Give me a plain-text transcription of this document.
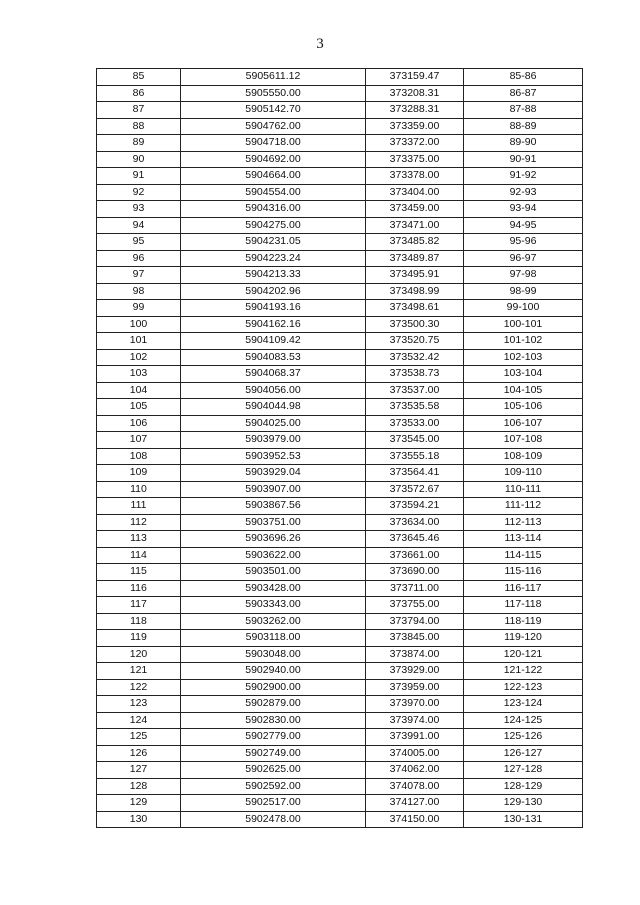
3
85	5905611.12	373159.47	85-86
86	5905550.00	373208.31	86-87
87	5905142.70	373288.31	87-88
88	5904762.00	373359.00	88-89
89	5904718.00	373372.00	89-90
90	5904692.00	373375.00	90-91
91	5904664.00	373378.00	91-92
92	5904554.00	373404.00	92-93
93	5904316.00	373459.00	93-94
94	5904275.00	373471.00	94-95
95	5904231.05	373485.82	95-96
96	5904223.24	373489.87	96-97
97	5904213.33	373495.91	97-98
98	5904202.96	373498.99	98-99
99	5904193.16	373498.61	99-100
100	5904162.16	373500.30	100-101
101	5904109.42	373520.75	101-102
102	5904083.53	373532.42	102-103
103	5904068.37	373538.73	103-104
104	5904056.00	373537.00	104-105
105	5904044.98	373535.58	105-106
106	5904025.00	373533.00	106-107
107	5903979.00	373545.00	107-108
108	5903952.53	373555.18	108-109
109	5903929.04	373564.41	109-110
110	5903907.00	373572.67	110-111
111	5903867.56	373594.21	111-112
112	5903751.00	373634.00	112-113
113	5903696.26	373645.46	113-114
114	5903622.00	373661.00	114-115
115	5903501.00	373690.00	115-116
116	5903428.00	373711.00	116-117
117	5903343.00	373755.00	117-118
118	5903262.00	373794.00	118-119
119	5903118.00	373845.00	119-120
120	5903048.00	373874.00	120-121
121	5902940.00	373929.00	121-122
122	5902900.00	373959.00	122-123
123	5902879.00	373970.00	123-124
124	5902830.00	373974.00	124-125
125	5902779.00	373991.00	125-126
126	5902749.00	374005.00	126-127
127	5902625.00	374062.00	127-128
128	5902592.00	374078.00	128-129
129	5902517.00	374127.00	129-130
130	5902478.00	374150.00	130-131
